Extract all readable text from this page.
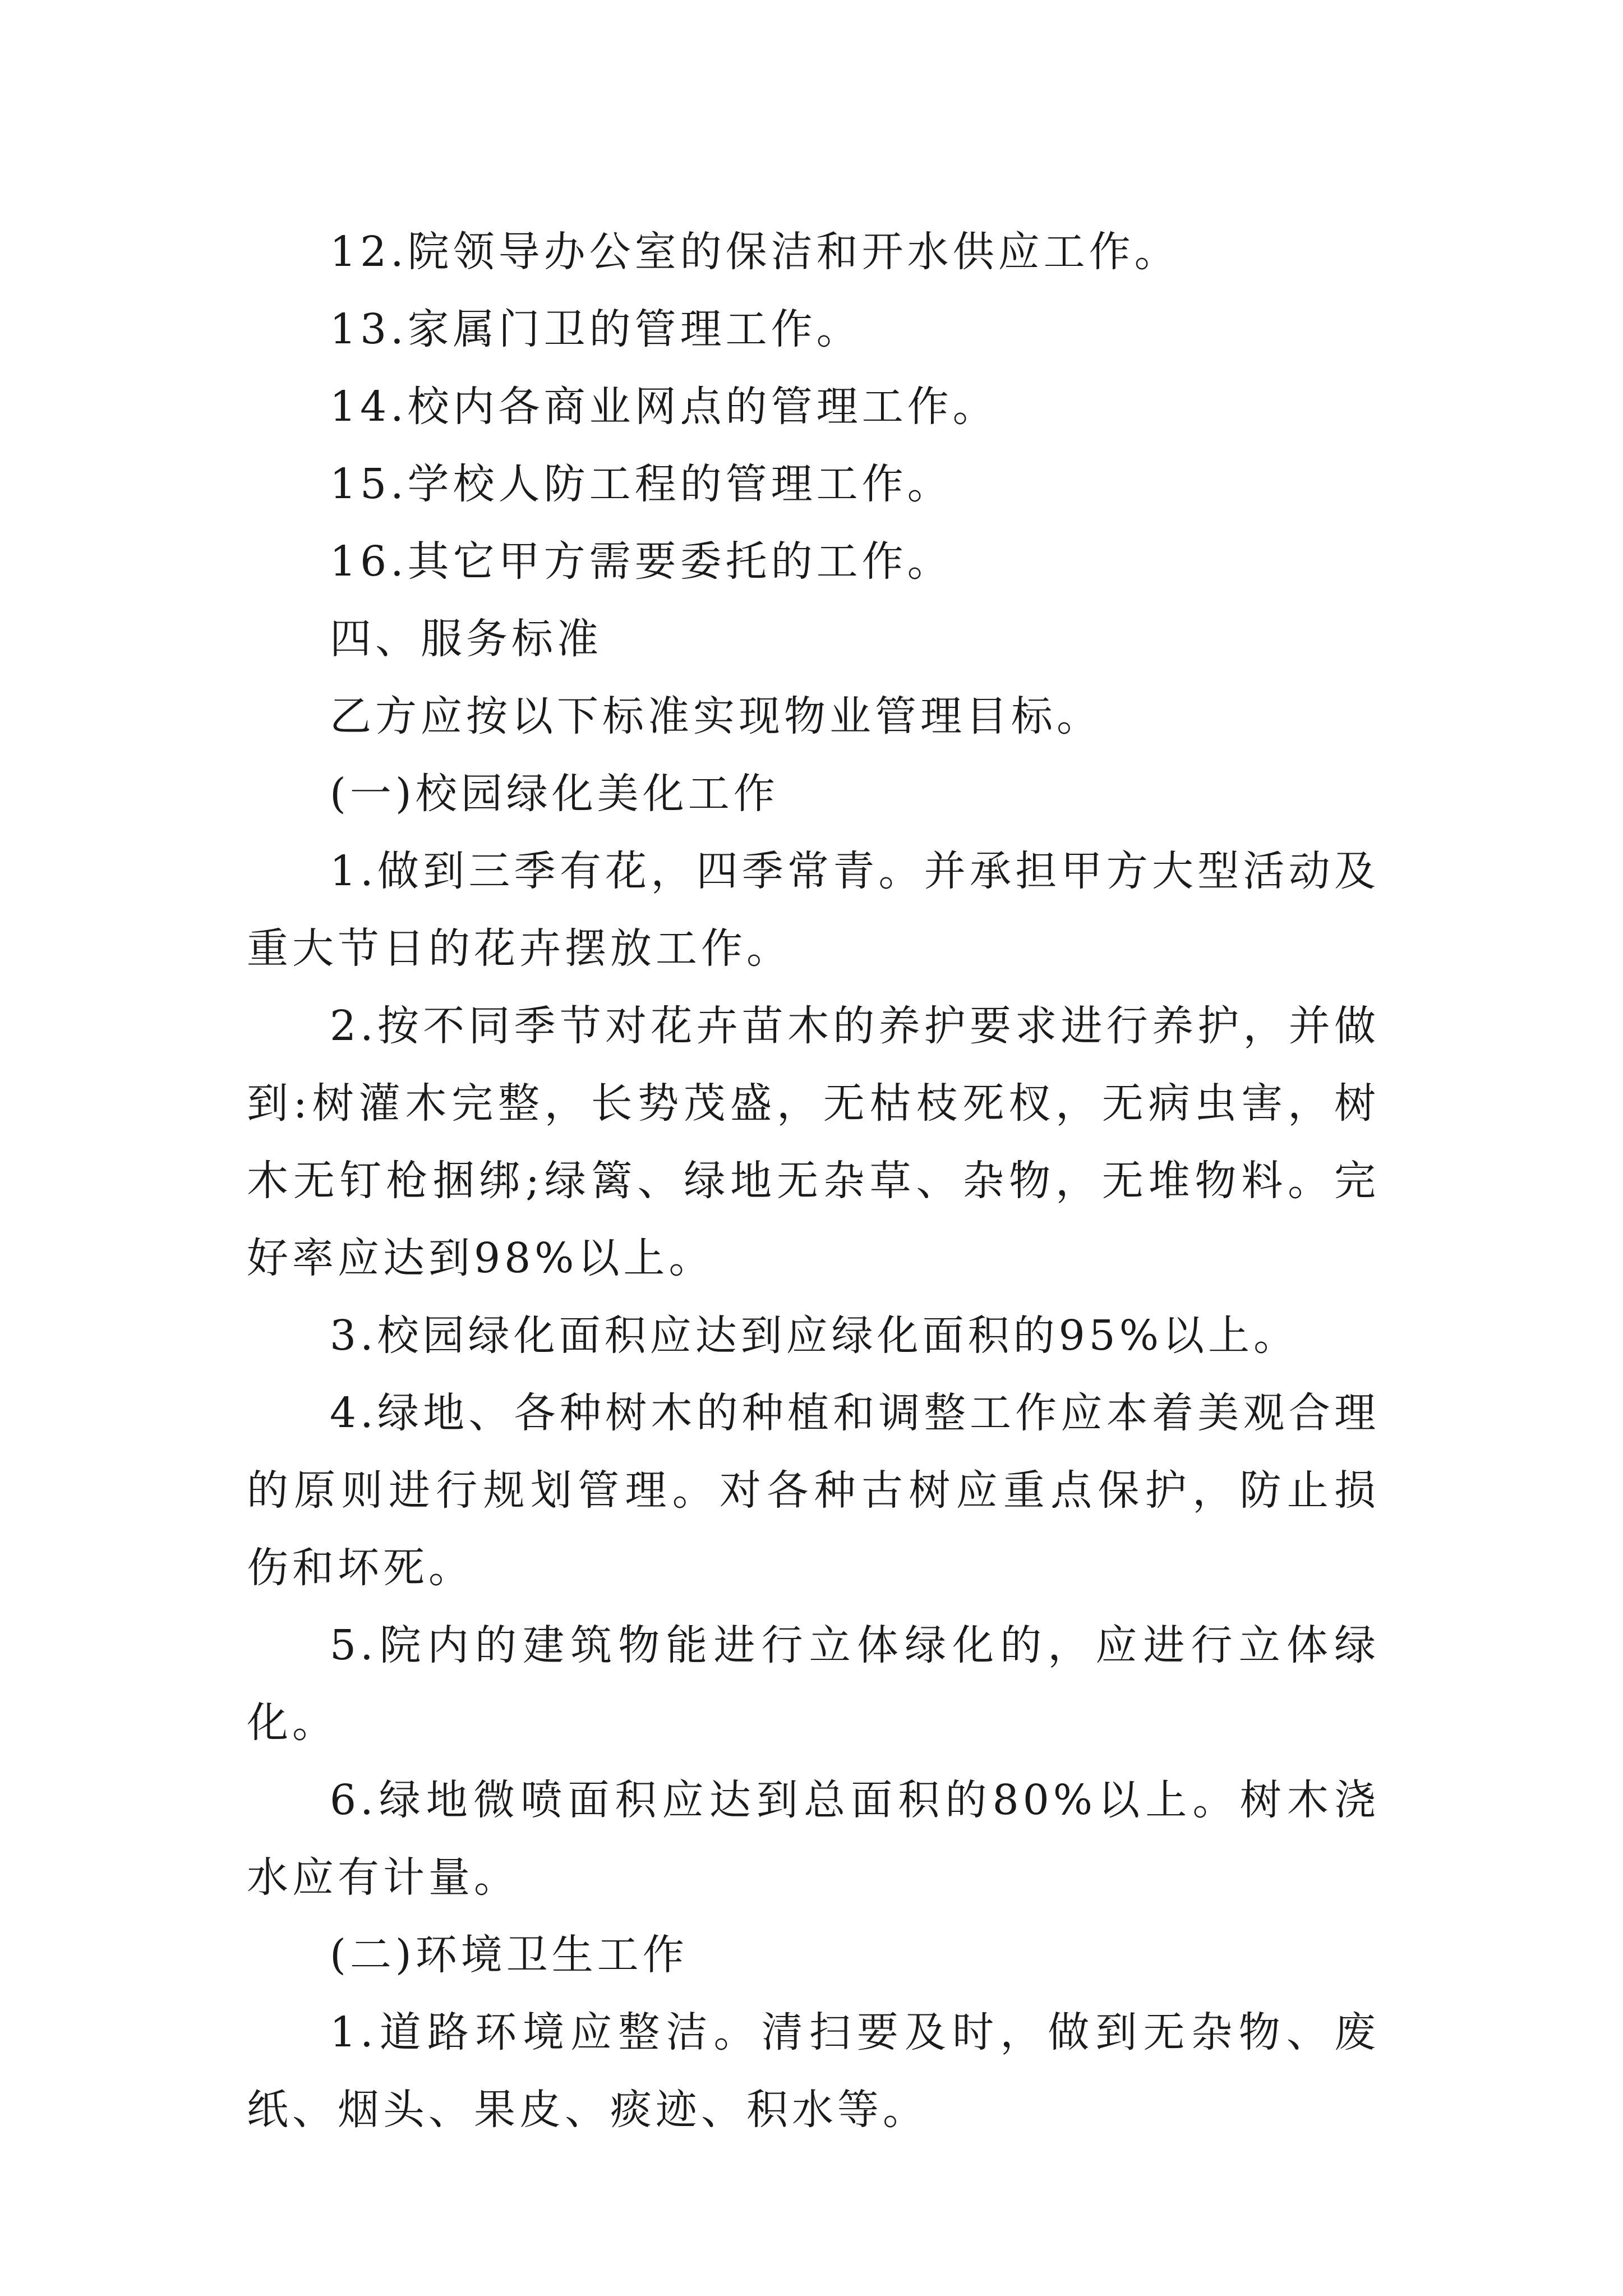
12.院领导办公室的保洁和开水供应工作。

13.家属门卫的管理工作。

14.校内各商业网点的管理工作。

15.学校人防工程的管理工作。

16.其它甲方需要委托的工作。

四、服务标准

乙方应按以下标准实现物业管理目标。

(一)校园绿化美化工作

1.做到三季有花，四季常青。并承担甲方大型活动及重大节日的花卉摆放工作。

2.按不同季节对花卉苗木的养护要求进行养护，并做到:树灌木完整，长势茂盛，无枯枝死杈，无病虫害，树木无钉枪捆绑;绿篱、绿地无杂草、杂物，无堆物料。完好率应达到98%以上。

3.校园绿化面积应达到应绿化面积的95%以上。

4.绿地、各种树木的种植和调整工作应本着美观合理的原则进行规划管理。对各种古树应重点保护，防止损伤和坏死。

5.院内的建筑物能进行立体绿化的，应进行立体绿化。

6.绿地微喷面积应达到总面积的80%以上。树木浇水应有计量。

(二)环境卫生工作

1.道路环境应整洁。清扫要及时，做到无杂物、废纸、烟头、果皮、痰迹、积水等。
